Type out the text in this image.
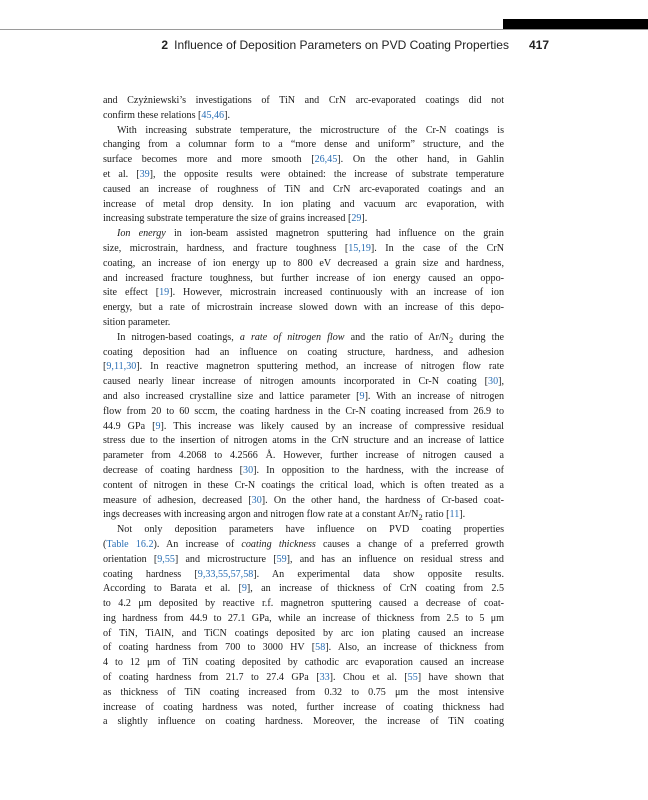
2 Influence of Deposition Parameters on PVD Coating Properties 417
and Czyżniewski’s investigations of TiN and CrN arc-evaporated coatings did not
confirm these relations [45,46].
With increasing substrate temperature, the microstructure of the Cr-N coatings is
changing from a columnar form to a “more dense and uniform” structure, and the
surface becomes more and more smooth [26,45]. On the other hand, in Gahlin
et al. [39], the opposite results were obtained: the increase of substrate temperature
caused an increase of roughness of TiN and CrN arc-evaporated coatings and an
increase of metal drop density. In ion plating and vacuum arc evaporation, with
increasing substrate temperature the size of grains increased [29].
Ion energy in ion-beam assisted magnetron sputtering had influence on the grain
size, microstrain, hardness, and fracture toughness [15,19]. In the case of the CrN
coating, an increase of ion energy up to 800 eV decreased a grain size and hardness,
and increased fracture toughness, but further increase of ion energy caused an oppo-
site effect [19]. However, microstrain increased continuously with an increase of ion
energy, but a rate of microstrain increase slowed down with an increase of this depo-
sition parameter.
In nitrogen-based coatings, a rate of nitrogen flow and the ratio of $Ar/N_2$ during the
coating deposition had an influence on coating structure, hardness, and adhesion
[9,11,30]. In reactive magnetron sputtering method, an increase of nitrogen flow rate
caused nearly linear increase of nitrogen amounts incorporated in Cr-N coating [30],
and also increased crystalline size and lattice parameter [9]. With an increase of nitrogen
flow from 20 to 60 sccm, the coating hardness in the Cr-N coating increased from 26.9 to
44.9 GPa [9]. This increase was likely caused by an increase of compressive residual
stress due to the insertion of nitrogen atoms in the CrN structure and an increase of lattice
parameter from 4.2068 to 4.2566 Å. However, further increase of nitrogen caused a
decrease of coating hardness [30]. In opposition to the hardness, with the increase of
content of nitrogen in these Cr-N coatings the critical load, which is often treated as a
measure of adhesion, decreased [30]. On the other hand, the hardness of Cr-based coat-
ings decreases with increasing argon and nitrogen flow rate at a constant $Ar/N_2$ ratio [11].
Not only deposition parameters have influence on PVD coating properties
(Table 16.2). An increase of coating thickness causes a change of a preferred growth
orientation [9,55] and microstructure [59], and has an influence on residual stress and
coating hardness [9,33,55,57,58]. An experimental data show opposite results.
According to Barata et al. [9], an increase of thickness of CrN coating from 2.5
to 4.2 μm deposited by reactive r.f. magnetron sputtering caused a decrease of coat-
ing hardness from 44.9 to 27.1 GPa, while an increase of thickness from 2.5 to 5 μm
of TiN, TiAlN, and TiCN coatings deposited by arc ion plating caused an increase
of coating hardness from 700 to 3000 HV [58]. Also, an increase of thickness from
4 to 12 μm of TiN coating deposited by cathodic arc evaporation caused an increase
of coating hardness from 21.7 to 27.4 GPa [33]. Chou et al. [55] have shown that
as thickness of TiN coating increased from 0.32 to 0.75 μm the most intensive
increase of coating hardness was noted, further increase of coating thickness had
a slightly influence on coating hardness. Moreover, the increase of TiN coating
